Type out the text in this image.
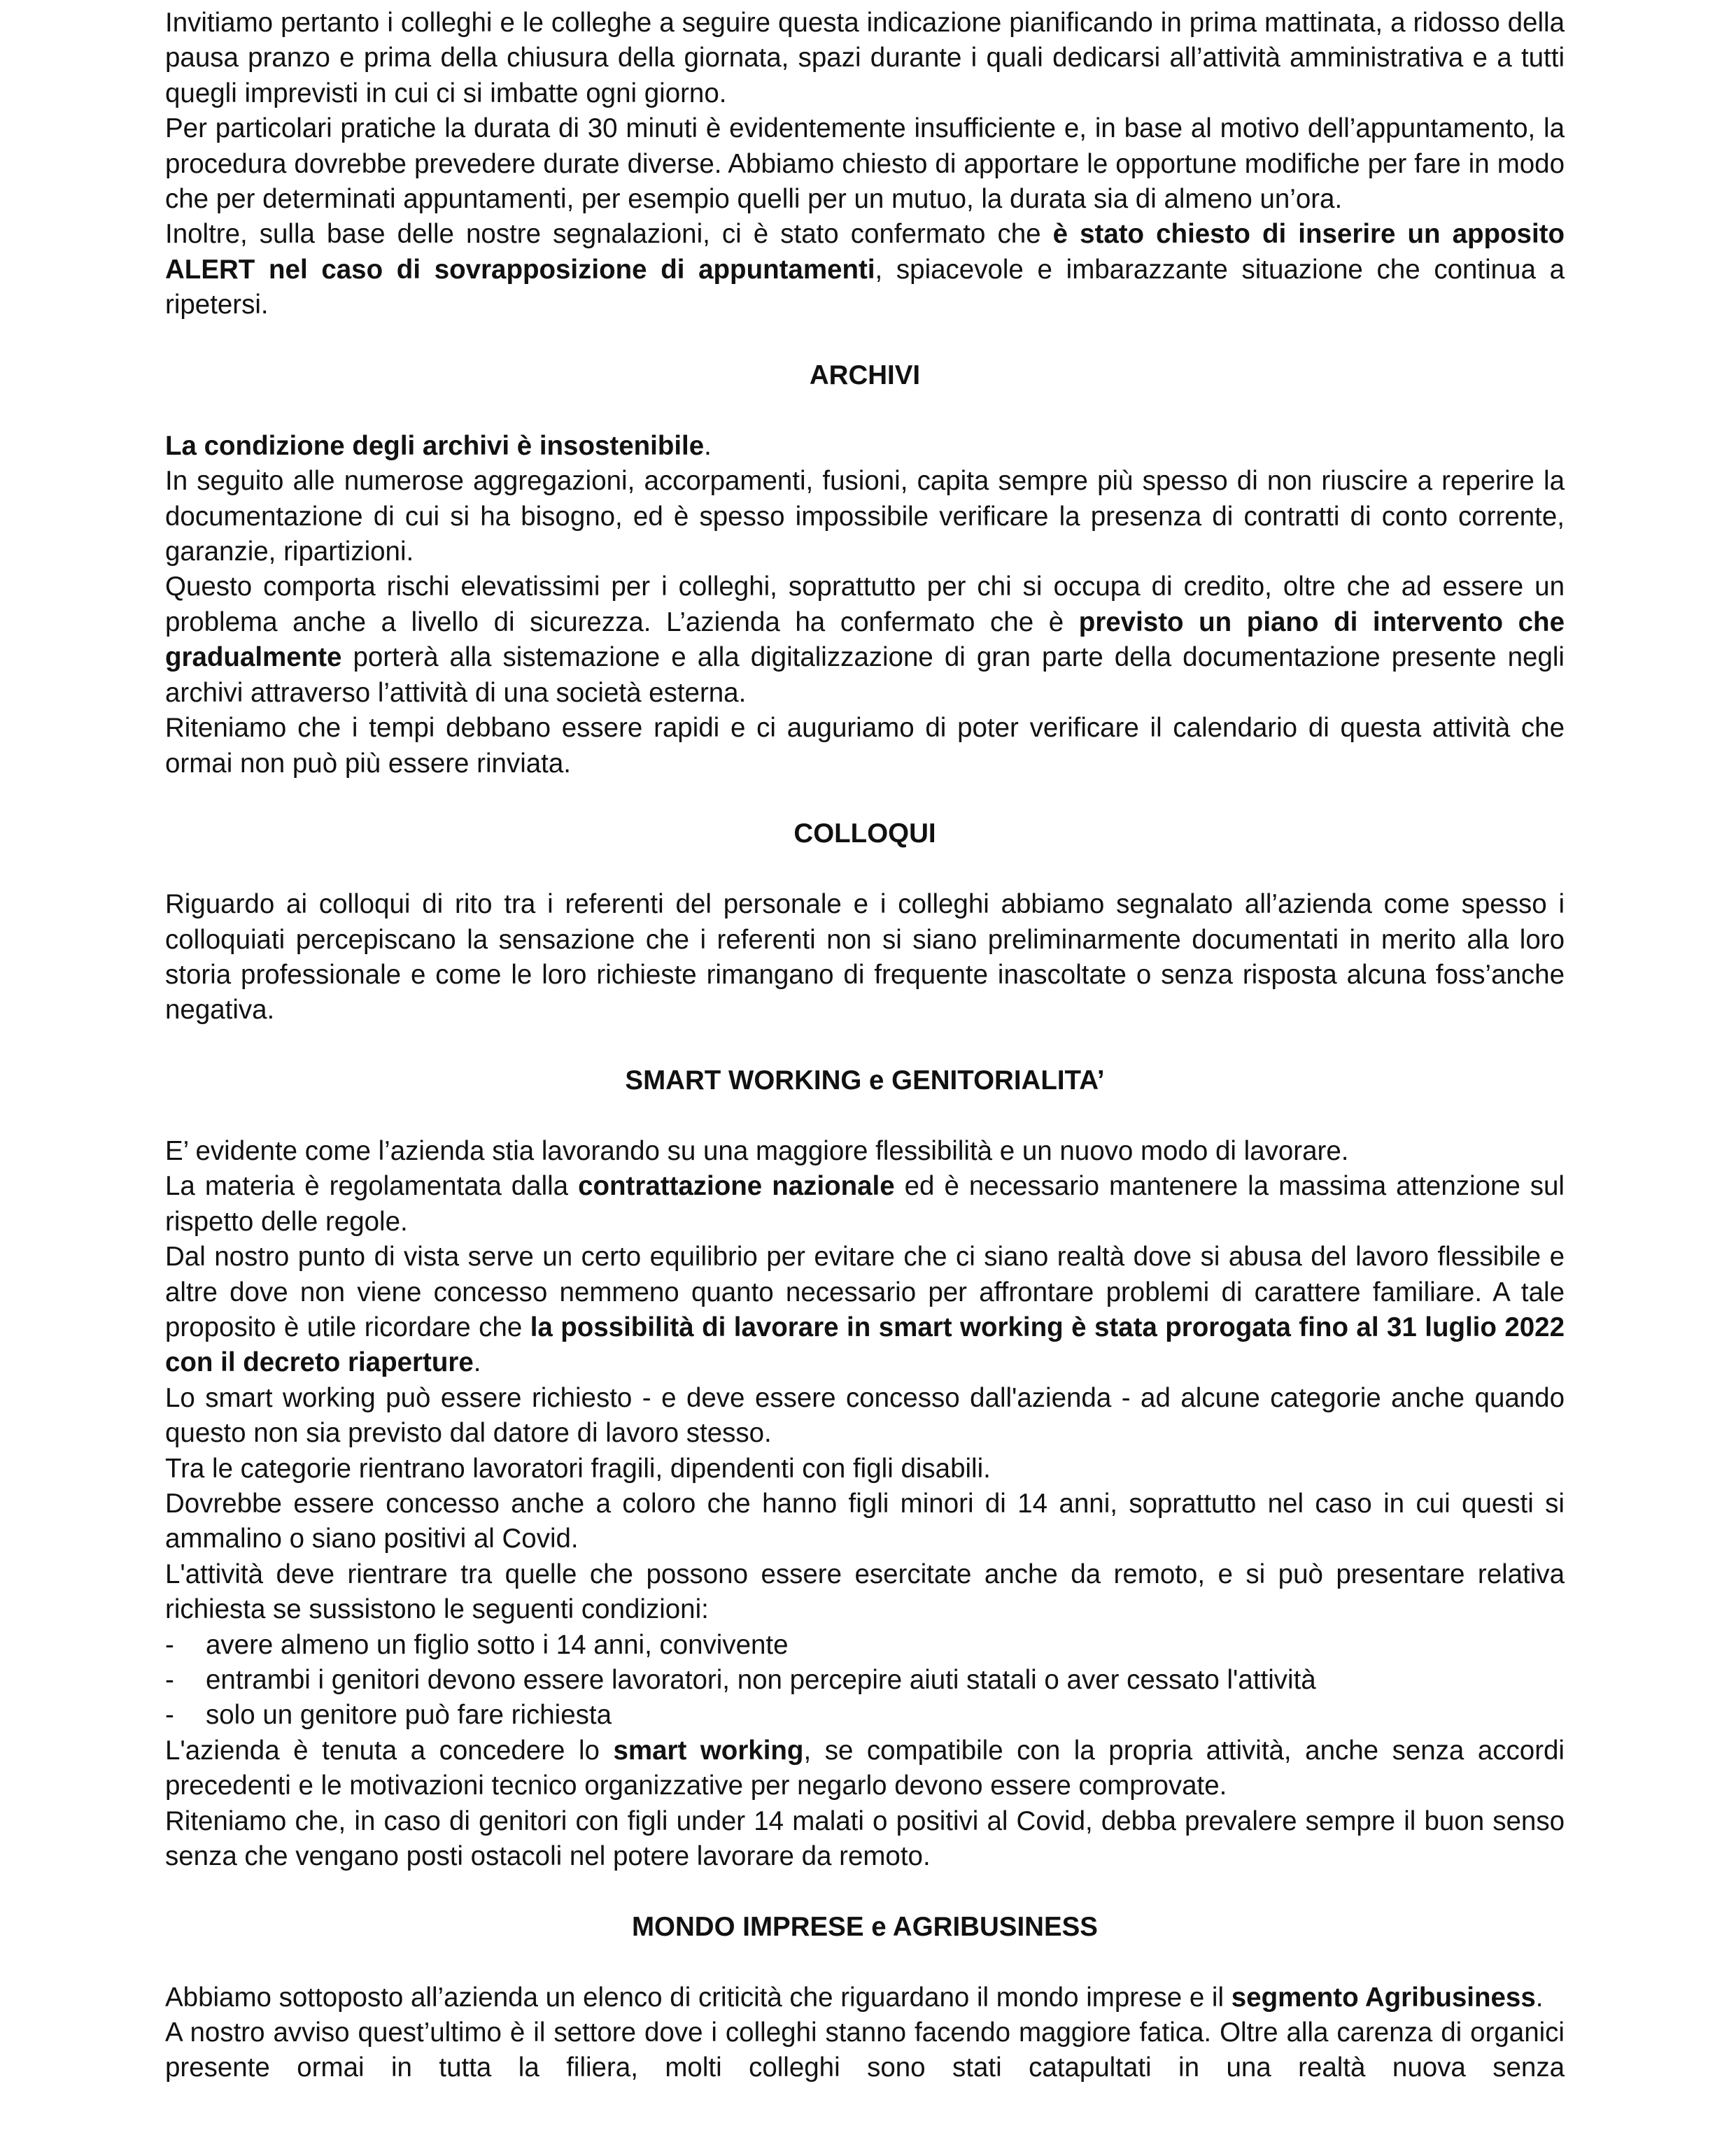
Invitiamo pertanto i colleghi e le colleghe a seguire questa indicazione pianificando in prima mattinata, a ridosso della pausa pranzo e prima della chiusura della giornata, spazi durante i quali dedicarsi all’attività amministrativa e a tutti quegli imprevisti in cui ci si imbatte ogni giorno.

Per particolari pratiche la durata di 30 minuti è evidentemente insufficiente e, in base al motivo dell’appuntamento, la procedura dovrebbe prevedere durate diverse. Abbiamo chiesto di apportare le opportune modifiche per fare in modo che per determinati appuntamenti, per esempio quelli per un mutuo, la durata sia di almeno un’ora.

Inoltre, sulla base delle nostre segnalazioni, ci è stato confermato che è stato chiesto di inserire un apposito ALERT nel caso di sovrapposizione di appuntamenti, spiacevole e imbarazzante situazione che continua a ripetersi.

ARCHIVI

La condizione degli archivi è insostenibile.

In seguito alle numerose aggregazioni, accorpamenti, fusioni, capita sempre più spesso di non riuscire a reperire la documentazione di cui si ha bisogno, ed è spesso impossibile verificare la presenza di contratti di conto corrente, garanzie, ripartizioni.

Questo comporta rischi elevatissimi per i colleghi, soprattutto per chi si occupa di credito, oltre che ad essere un problema anche a livello di sicurezza. L’azienda ha confermato che è previsto un piano di intervento che gradualmente porterà alla sistemazione e alla digitalizzazione di gran parte della documentazione presente negli archivi attraverso l’attività di una società esterna.

Riteniamo che i tempi debbano essere rapidi e ci auguriamo di poter verificare il calendario di questa attività che ormai non può più essere rinviata.

COLLOQUI

Riguardo ai colloqui di rito tra i referenti del personale e i colleghi abbiamo segnalato all’azienda come spesso i colloquiati percepiscano la sensazione che i referenti non si siano preliminarmente documentati in merito alla loro storia professionale e come le loro richieste rimangano di frequente inascoltate o senza risposta alcuna foss’anche negativa.

SMART WORKING e GENITORIALITA’

E’ evidente come l’azienda stia lavorando su una maggiore flessibilità e un nuovo modo di lavorare.

La materia è regolamentata dalla contrattazione nazionale ed è necessario mantenere la massima attenzione sul rispetto delle regole.

Dal nostro punto di vista serve un certo equilibrio per evitare che ci siano realtà dove si abusa del lavoro flessibile e altre dove non viene concesso nemmeno quanto necessario per affrontare problemi di carattere familiare. A tale proposito è utile ricordare che la possibilità di lavorare in smart working è stata prorogata fino al 31 luglio 2022 con il decreto riaperture.

Lo smart working può essere richiesto - e deve essere concesso dall'azienda - ad alcune categorie anche quando questo non sia previsto dal datore di lavoro stesso.

Tra le categorie rientrano lavoratori fragili, dipendenti con figli disabili.

Dovrebbe essere concesso anche a coloro che hanno figli minori di 14 anni, soprattutto nel caso in cui questi si ammalino o siano positivi al Covid.

L'attività deve rientrare tra quelle che possono essere esercitate anche da remoto, e si può presentare relativa richiesta se sussistono le seguenti condizioni:

- avere almeno un figlio sotto i 14 anni, convivente
- entrambi i genitori devono essere lavoratori, non percepire aiuti statali o aver cessato l'attività
- solo un genitore può fare richiesta

L'azienda è tenuta a concedere lo smart working, se compatibile con la propria attività, anche senza accordi precedenti e le motivazioni tecnico organizzative per negarlo devono essere comprovate.

Riteniamo che, in caso di genitori con figli under 14 malati o positivi al Covid, debba prevalere sempre il buon senso senza che vengano posti ostacoli nel potere lavorare da remoto.

MONDO IMPRESE e AGRIBUSINESS

Abbiamo sottoposto all’azienda un elenco di criticità che riguardano il mondo imprese e il segmento Agribusiness.

A nostro avviso quest’ultimo è il settore dove i colleghi stanno facendo maggiore fatica. Oltre alla carenza di organici presente ormai in tutta la filiera, molti colleghi sono stati catapultati in una realtà nuova senza
